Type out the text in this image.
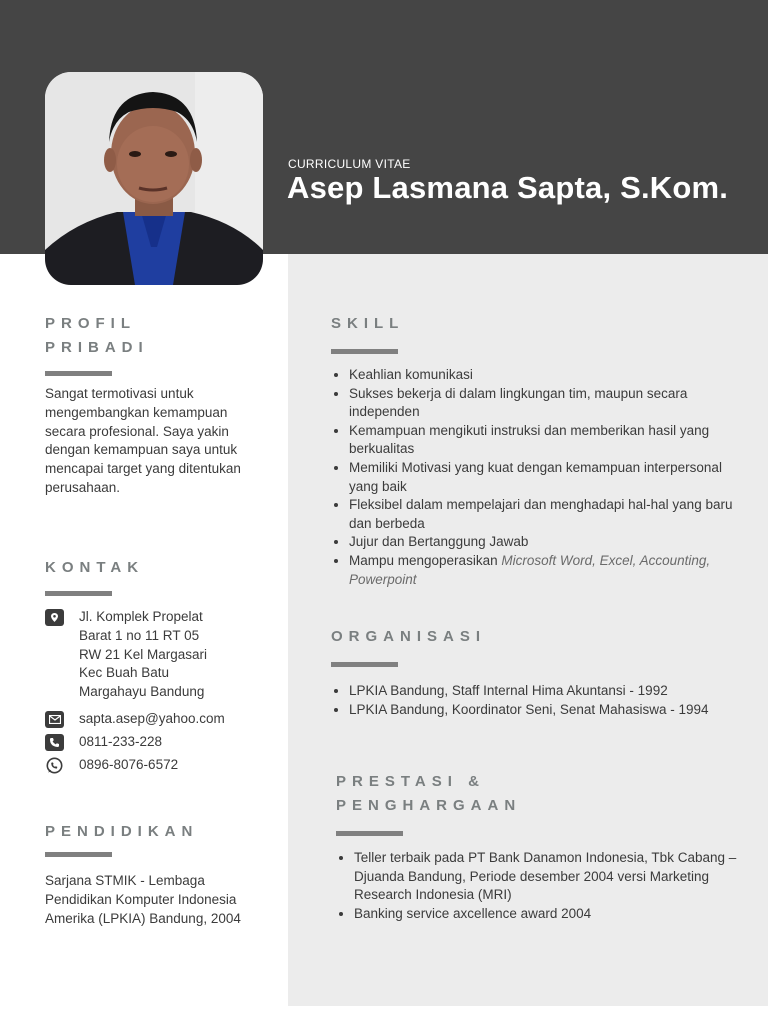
CURRICULUM VITAE
Asep Lasmana Sapta, S.Kom.
PROFIL
PRIBADI
Sangat termotivasi untuk mengembangkan kemampuan secara profesional. Saya yakin dengan kemampuan saya untuk mencapai target yang ditentukan perusahaan.
KONTAK
Jl. Komplek Propelat
Barat 1 no 11 RT 05
RW 21 Kel Margasari
Kec Buah Batu
Margahayu Bandung
sapta.asep@yahoo.com
0811-233-228
0896-8076-6572
PENDIDIKAN
Sarjana STMIK - Lembaga Pendidikan Komputer Indonesia Amerika (LPKIA) Bandung, 2004
SKILL
• Keahlian komunikasi
• Sukses bekerja di dalam lingkungan tim, maupun secara independen
• Kemampuan mengikuti instruksi dan memberikan hasil yang berkualitas
• Memiliki Motivasi yang kuat dengan kemampuan interpersonal yang baik
• Fleksibel dalam mempelajari dan menghadapi hal-hal yang baru dan berbeda
• Jujur dan Bertanggung Jawab
• Mampu mengoperasikan Microsoft Word, Excel, Accounting, Powerpoint
ORGANISASI
• LPKIA Bandung, Staff Internal Hima Akuntansi - 1992
• LPKIA Bandung, Koordinator Seni, Senat Mahasiswa - 1994
PRESTASI &
PENGHARGAAN
• Teller terbaik pada PT Bank Danamon Indonesia, Tbk Cabang – Djuanda Bandung, Periode desember 2004 versi Marketing Research Indonesia (MRI)
• Banking service axcellence award 2004
